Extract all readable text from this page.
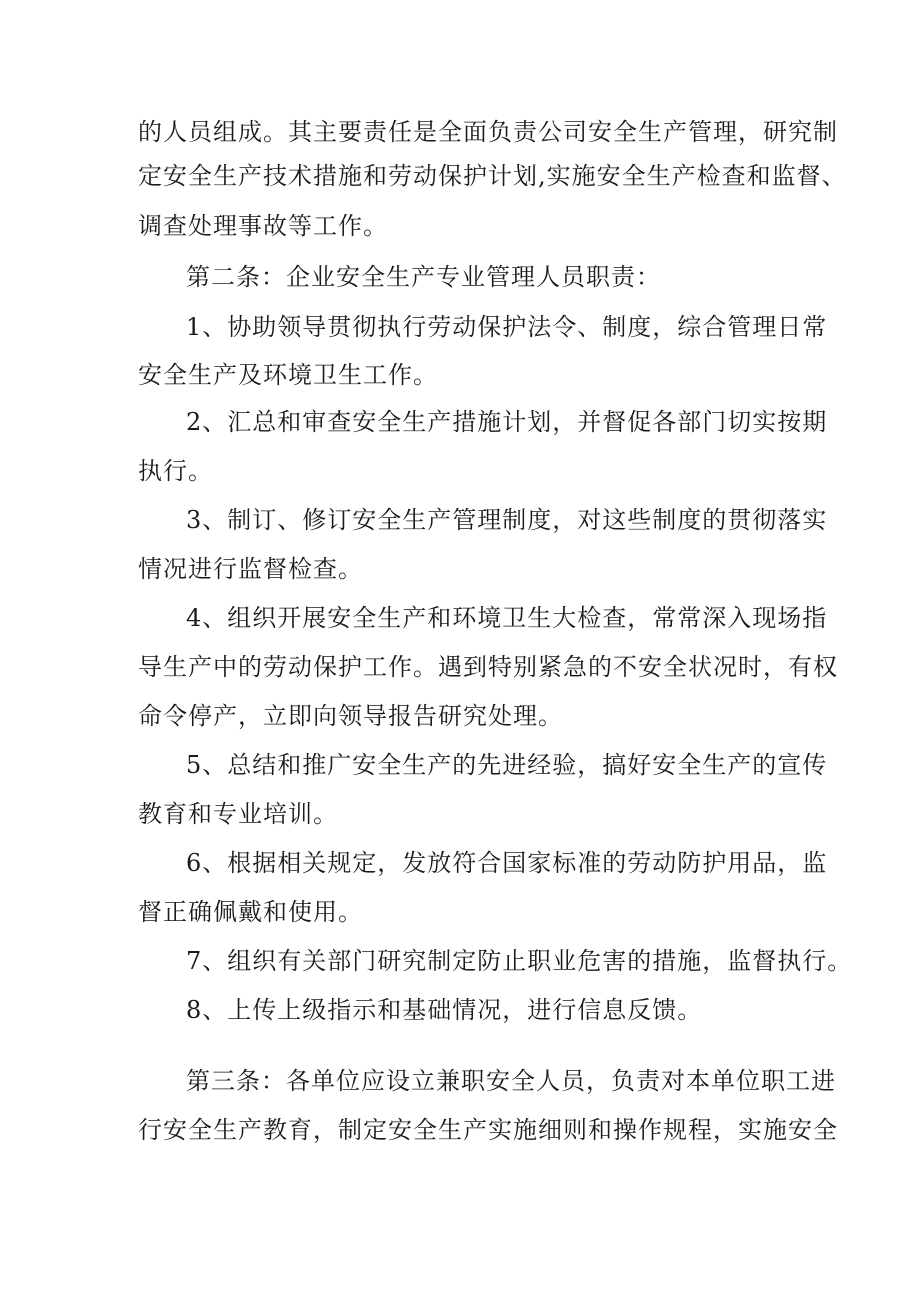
的人员组成。其主要责任是全面负责公司安全生产管理，研究制
定安全生产技术措施和劳动保护计划,实施安全生产检查和监督、
调查处理事故等工作。
第二条：企业安全生产专业管理人员职责：
1、协助领导贯彻执行劳动保护法令、制度，综合管理日常
安全生产及环境卫生工作。
2、汇总和审查安全生产措施计划，并督促各部门切实按期
执行。
3、制订、修订安全生产管理制度，对这些制度的贯彻落实
情况进行监督检查。
4、组织开展安全生产和环境卫生大检查，常常深入现场指
导生产中的劳动保护工作。遇到特别紧急的不安全状况时，有权
命令停产，立即向领导报告研究处理。
5、总结和推广安全生产的先进经验，搞好安全生产的宣传
教育和专业培训。
6、根据相关规定，发放符合国家标准的劳动防护用品，监
督正确佩戴和使用。
7、组织有关部门研究制定防止职业危害的措施，监督执行。
8、上传上级指示和基础情况，进行信息反馈。
第三条：各单位应设立兼职安全人员，负责对本单位职工进
行安全生产教育，制定安全生产实施细则和操作规程，实施安全
